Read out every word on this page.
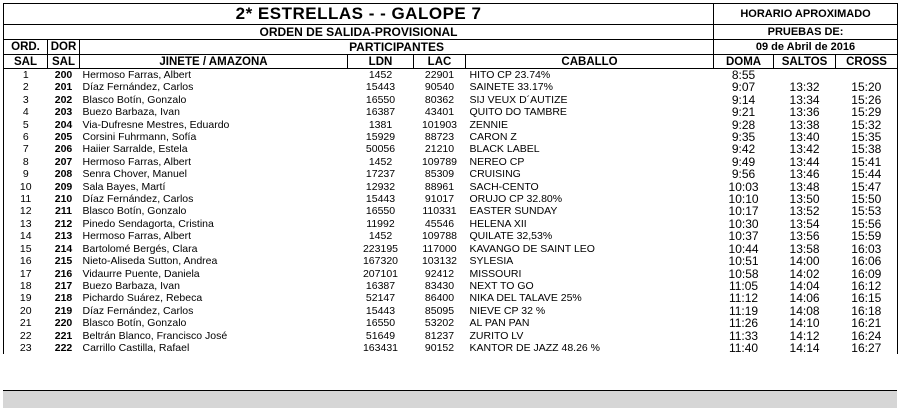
2* ESTRELLAS - - GALOPE 7						HORARIO APROXIMADO		
ORDEN DE SALIDA-PROVISIONAL						PRUEBAS DE:		
ORD.	DOR	PARTICIPANTES				09 de Abril de 2016		
SAL	SAL	JINETE / AMAZONA	LDN	LAC	CABALLO	DOMA	SALTOS	CROSS
1	200	Hermoso Farras, Albert	1452	22901	HITO CP 23.74%	8:55		
2	201	Díaz Fernández, Carlos	15443	90540	SAINETE 33.17%	9:07	13:32	15:20
3	202	Blasco Botín, Gonzalo	16550	80362	SIJ VEUX D´AUTIZE	9:14	13:34	15:26
4	203	Buezo Barbaza, Ivan	16387	43401	QUITO DO TAMBRE	9:21	13:36	15:29
5	204	Via-Dufresne Mestres, Eduardo	1381	101903	ZENNIE	9:28	13:38	15:32
6	205	Corsini Fuhrmann, Sofía	15929	88723	CARON Z	9:35	13:40	15:35
7	206	Haiier Sarralde, Estela	50056	21210	BLACK LABEL	9:42	13:42	15:38
8	207	Hermoso Farras, Albert	1452	109789	NEREO CP	9:49	13:44	15:41
9	208	Senra Chover, Manuel	17237	85309	CRUISING	9:56	13:46	15:44
10	209	Sala Bayes, Martí	12932	88961	SACH-CENTO	10:03	13:48	15:47
11	210	Díaz Fernández, Carlos	15443	91017	ORUJO CP 32.80%	10:10	13:50	15:50
12	211	Blasco Botín, Gonzalo	16550	110331	EASTER SUNDAY	10:17	13:52	15:53
13	212	Pinedo Sendagorta, Cristina	11992	45546	HELENA XII	10:30	13:54	15:56
14	213	Hermoso Farras, Albert	1452	109788	QUILATE 32,53%	10:37	13:56	15:59
15	214	Bartolomé Bergés, Clara	223195	117000	KAVANGO DE SAINT LEO	10:44	13:58	16:03
16	215	Nieto-Aliseda Sutton, Andrea	167320	103132	SYLESIA	10:51	14:00	16:06
17	216	Vidaurre Puente, Daniela	207101	92412	MISSOURI	10:58	14:02	16:09
18	217	Buezo Barbaza, Ivan	16387	83430	NEXT TO GO	11:05	14:04	16:12
19	218	Pichardo Suárez, Rebeca	52147	86400	NIKA DEL TALAVE 25%	11:12	14:06	16:15
20	219	Díaz Fernández, Carlos	15443	85095	NIEVE CP 32 %	11:19	14:08	16:18
21	220	Blasco Botín, Gonzalo	16550	53202	AL PAN PAN	11:26	14:10	16:21
22	221	Beltrán Blanco, Francisco José	51649	81237	ZURITO LV	11:33	14:12	16:24
23	222	Carrillo Castilla, Rafael	163431	90152	KANTOR DE JAZZ 48.26 %	11:40	14:14	16:27
